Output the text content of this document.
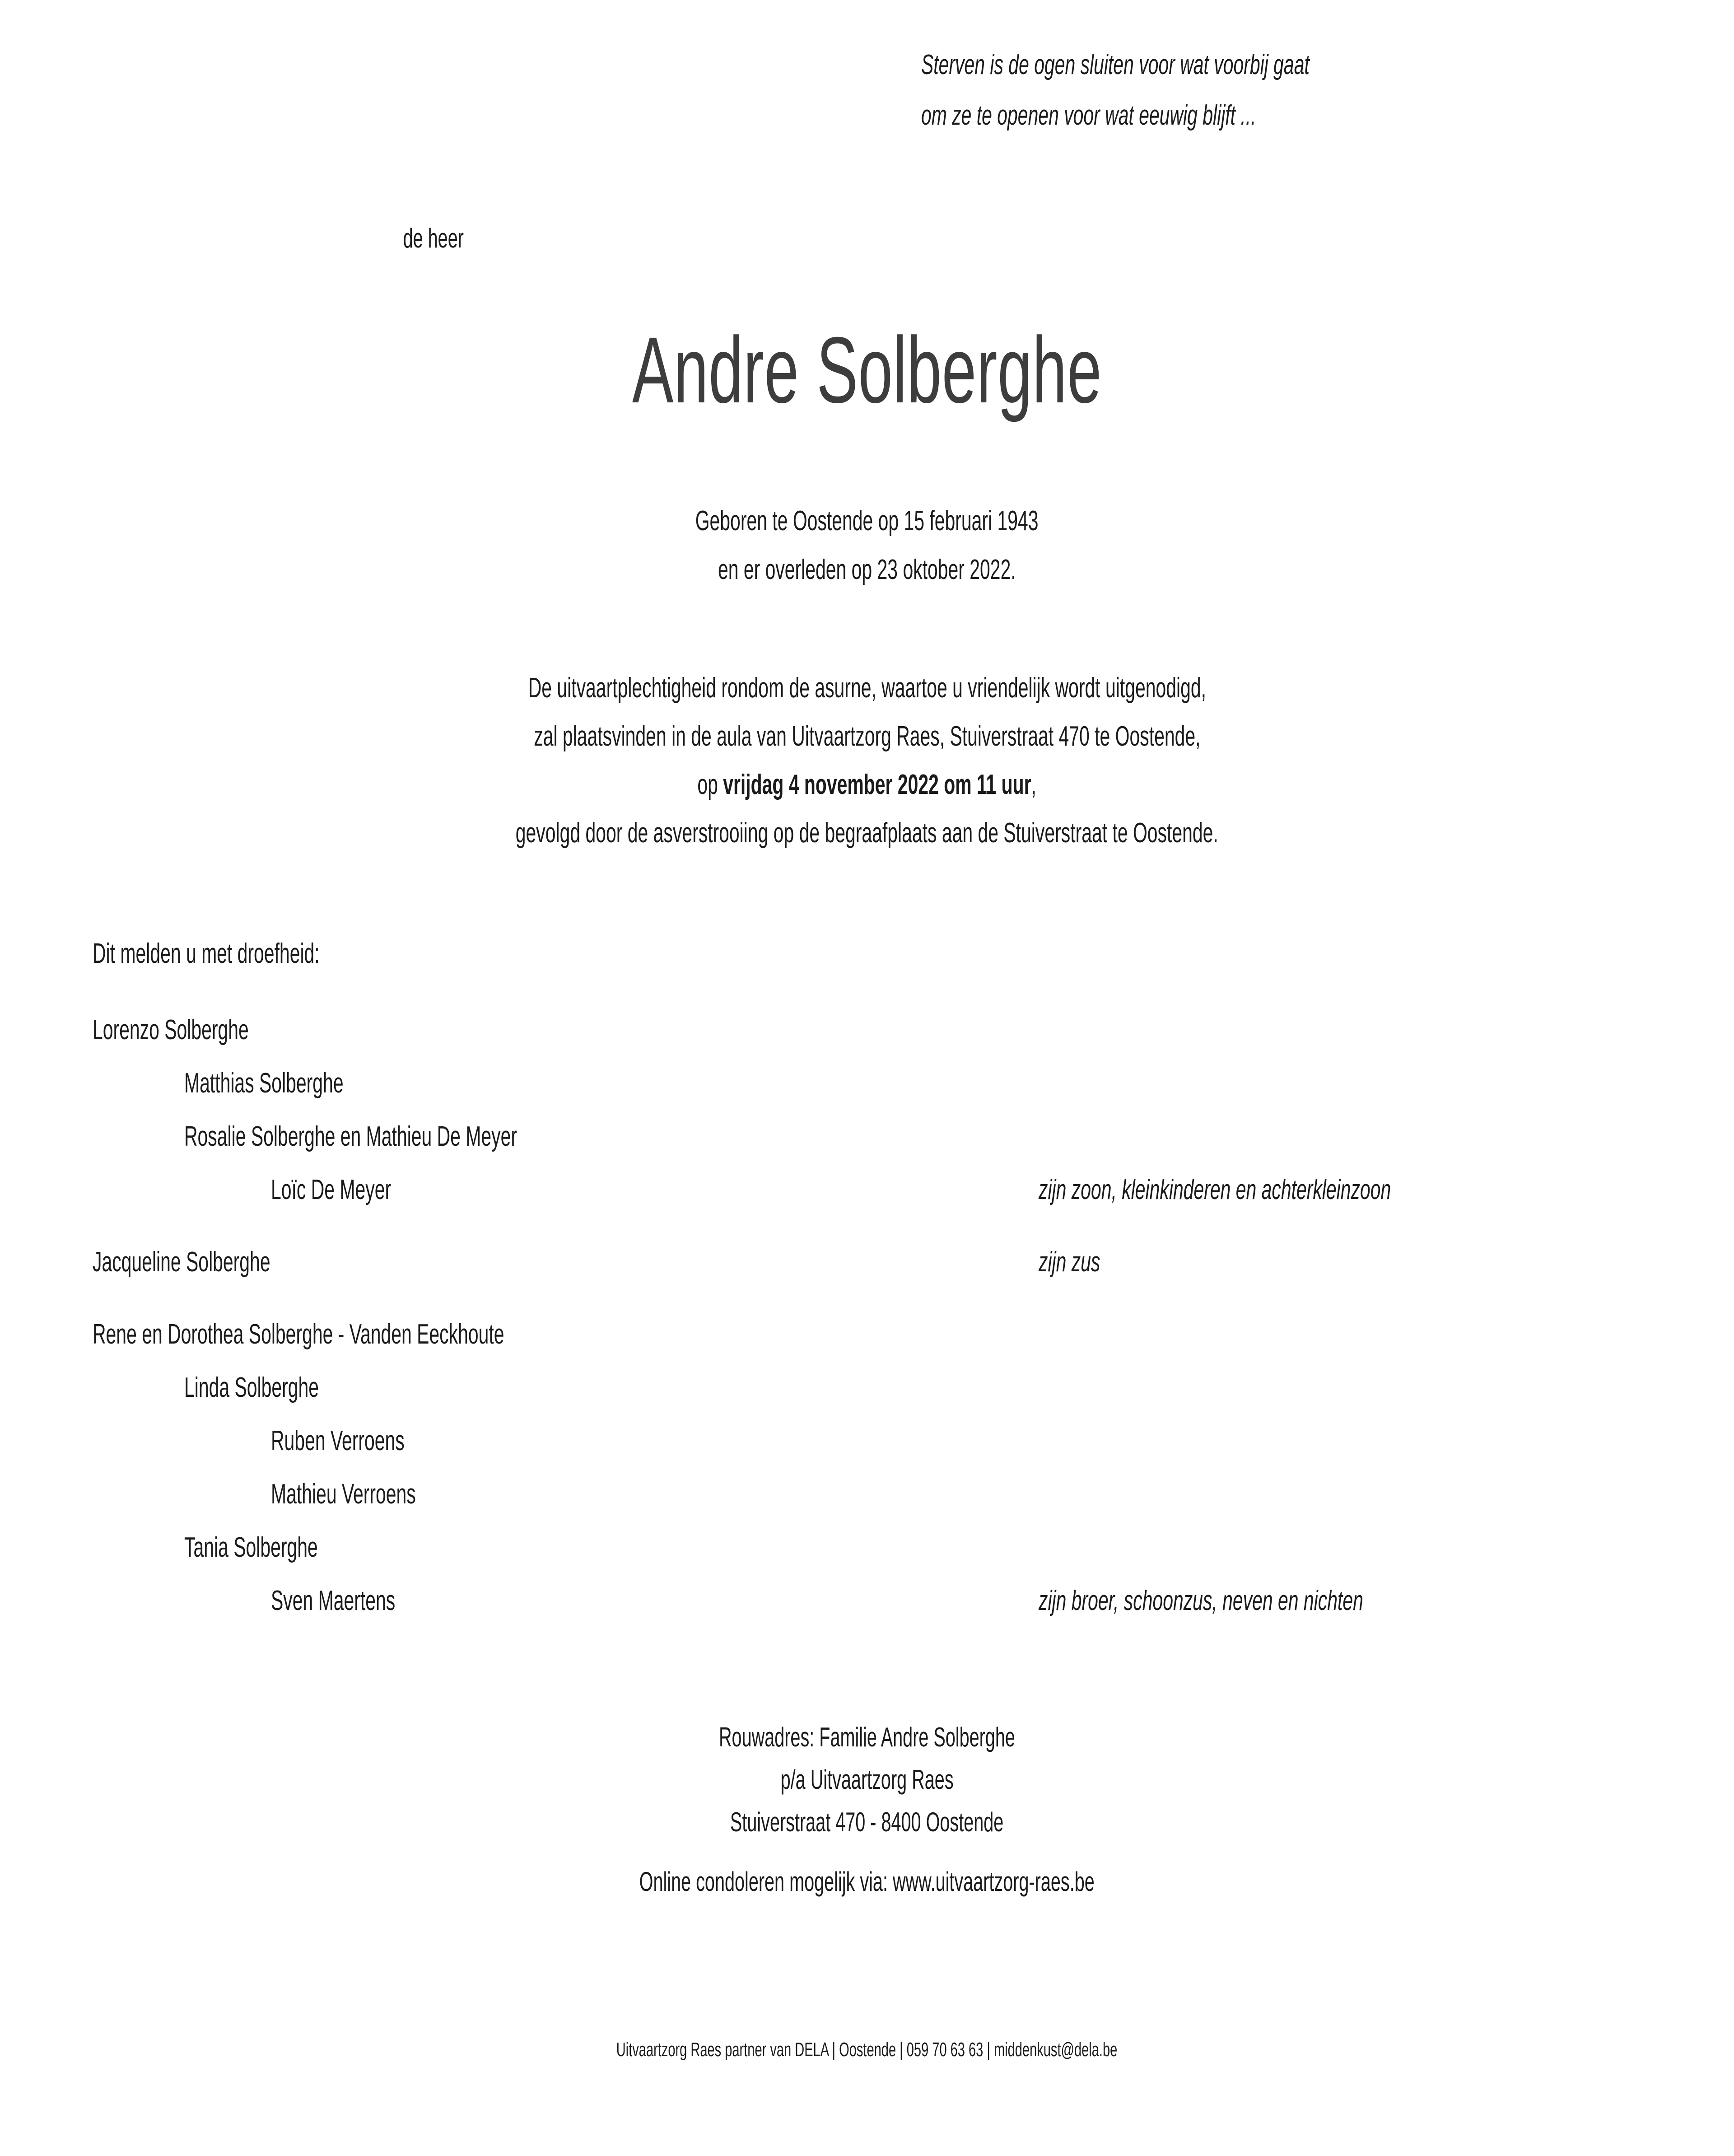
Sterven is de ogen sluiten voor wat voorbij gaat
om ze te openen voor wat eeuwig blijft ...
de heer
Andre Solberghe
Geboren te Oostende op 15 februari 1943
en er overleden op 23 oktober 2022.
De uitvaartplechtigheid rondom de asurne, waartoe u vriendelijk wordt uitgenodigd,
zal plaatsvinden in de aula van Uitvaartzorg Raes, Stuiverstraat 470 te Oostende,
op vrijdag 4 november 2022 om 11 uur,
gevolgd door de asverstrooiing op de begraafplaats aan de Stuiverstraat te Oostende.
Dit melden u met droefheid:
Lorenzo Solberghe
Matthias Solberghe
Rosalie Solberghe en Mathieu De Meyer
Loïc De Meyer	zijn zoon, kleinkinderen en achterkleinzoon
Jacqueline Solberghe	zijn zus
Rene en Dorothea Solberghe - Vanden Eeckhoute
Linda Solberghe
Ruben Verroens
Mathieu Verroens
Tania Solberghe
Sven Maertens	zijn broer, schoonzus, neven en nichten
Rouwadres: Familie Andre Solberghe
p/a Uitvaartzorg Raes
Stuiverstraat 470 - 8400 Oostende
Online condoleren mogelijk via: www.uitvaartzorg-raes.be
Uitvaartzorg Raes partner van DELA | Oostende | 059 70 63 63 | middenkust@dela.be
